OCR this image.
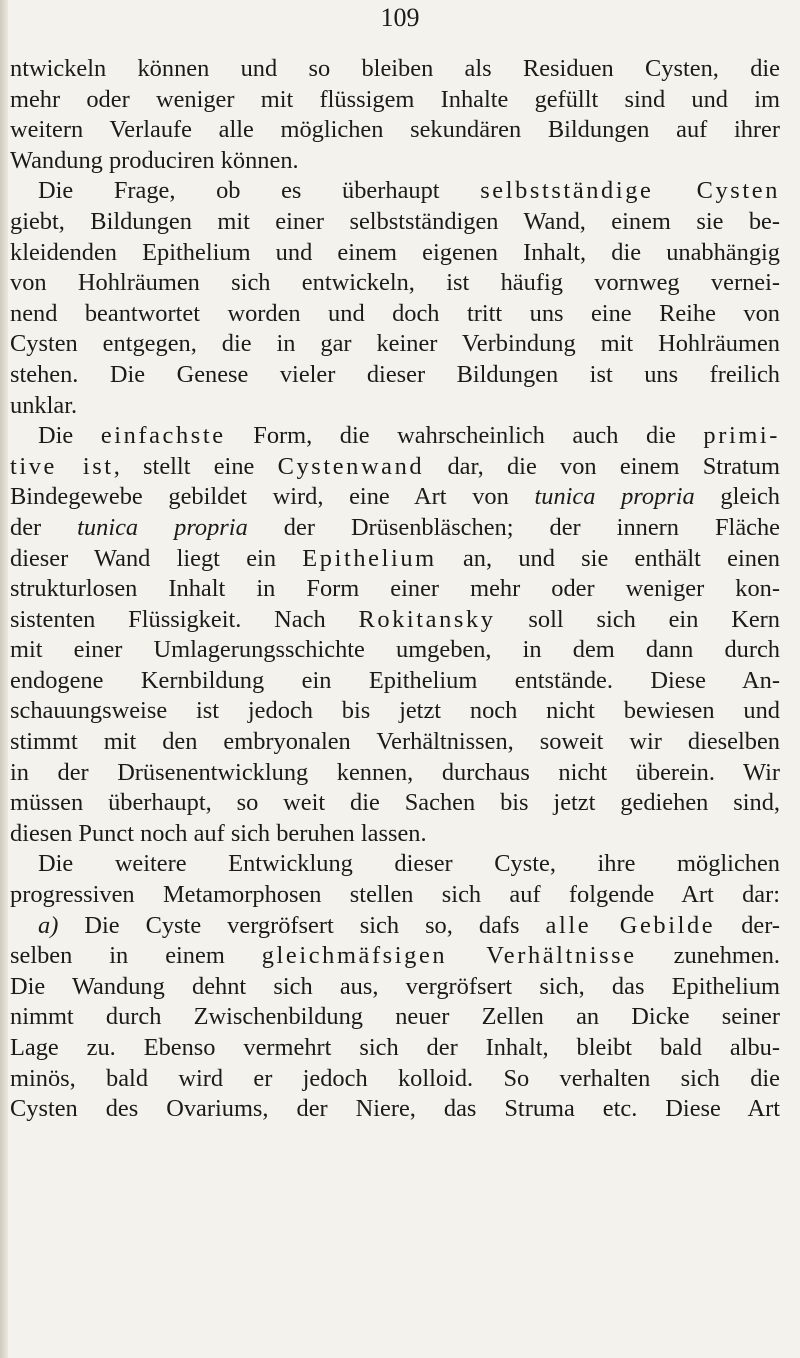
109
ntwickeln können und so bleiben als Residuen Cysten, die
mehr oder weniger mit flüssigem Inhalte gefüllt sind und im
weitern Verlaufe alle möglichen sekundären Bildungen auf ihrer
Wandung produciren können.
Die Frage, ob es überhaupt selbstständige Cysten
giebt, Bildungen mit einer selbstständigen Wand, einem sie be-
kleidenden Epithelium und einem eigenen Inhalt, die unabhängig
von Hohlräumen sich entwickeln, ist häufig vornweg vernei-
nend beantwortet worden und doch tritt uns eine Reihe von
Cysten entgegen, die in gar keiner Verbindung mit Hohlräumen
stehen. Die Genese vieler dieser Bildungen ist uns freilich
unklar.
Die einfachste Form, die wahrscheinlich auch die primi-
tive ist, stellt eine Cystenwand dar, die von einem Stratum
Bindegewebe gebildet wird, eine Art von tunica propria gleich
der tunica propria der Drüsenbläschen; der innern Fläche
dieser Wand liegt ein Epithelium an, und sie enthält einen
strukturlosen Inhalt in Form einer mehr oder weniger kon-
sistenten Flüssigkeit. Nach Rokitansky soll sich ein Kern
mit einer Umlagerungsschichte umgeben, in dem dann durch
endogene Kernbildung ein Epithelium entstände. Diese An-
schauungsweise ist jedoch bis jetzt noch nicht bewiesen und
stimmt mit den embryonalen Verhältnissen, soweit wir dieselben
in der Drüsenentwicklung kennen, durchaus nicht überein. Wir
müssen überhaupt, so weit die Sachen bis jetzt gediehen sind,
diesen Punct noch auf sich beruhen lassen.
Die weitere Entwicklung dieser Cyste, ihre möglichen
progressiven Metamorphosen stellen sich auf folgende Art dar:
a) Die Cyste vergröfsert sich so, dafs alle Gebilde der-
selben in einem gleichmäfsigen Verhältnisse zunehmen.
Die Wandung dehnt sich aus, vergröfsert sich, das Epithelium
nimmt durch Zwischenbildung neuer Zellen an Dicke seiner
Lage zu. Ebenso vermehrt sich der Inhalt, bleibt bald albu-
minös, bald wird er jedoch kolloid. So verhalten sich die
Cysten des Ovariums, der Niere, das Struma etc. Diese Art
